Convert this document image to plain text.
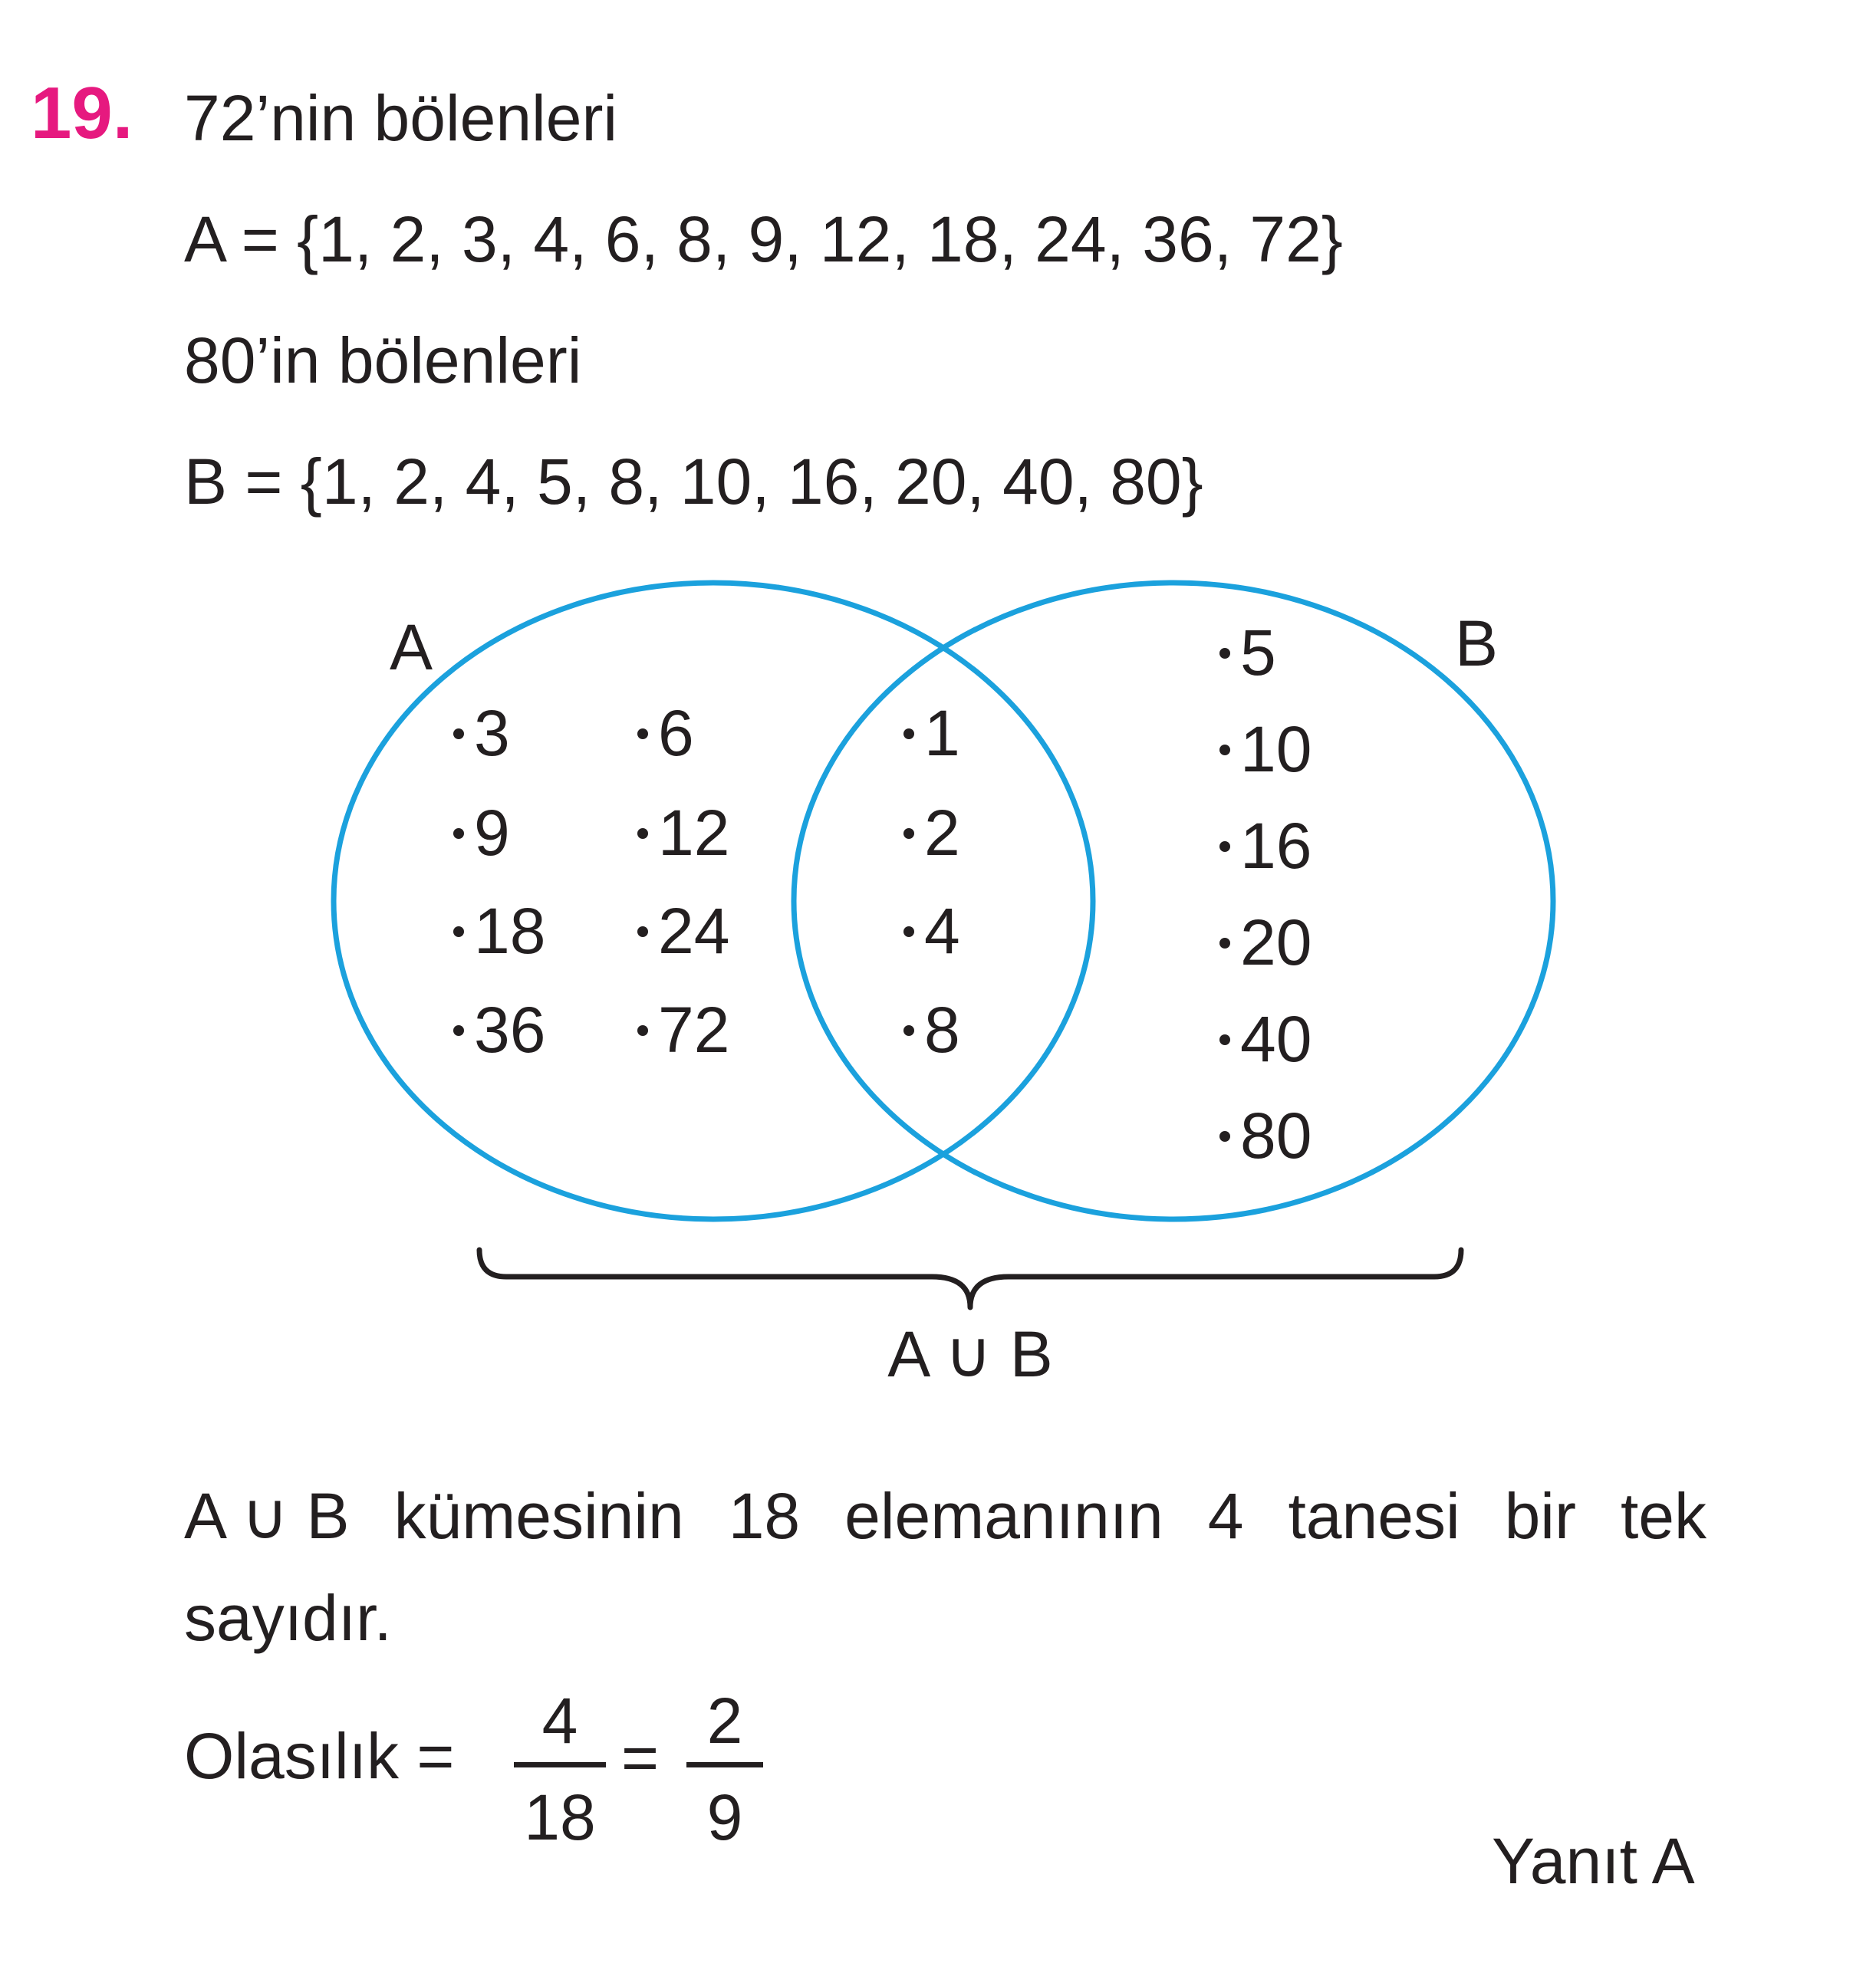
19. 72’nin bölenleri
A = {1, 2, 3, 4, 6, 8, 9, 12, 18, 24, 36, 72}
80’in bölenleri
B = {1, 2, 4, 5, 8, 10, 16, 20, 40, 80}
A	B
3 6
9 12
18 24
36 72
1
2
4
8
5
10
16
20
40
80
A ∪ B
A ∪ B kümesinin 18 elemanının 4 tanesi bir tek
sayıdır.
Olasılık =	4
18
=
2
9
Yanıt A
